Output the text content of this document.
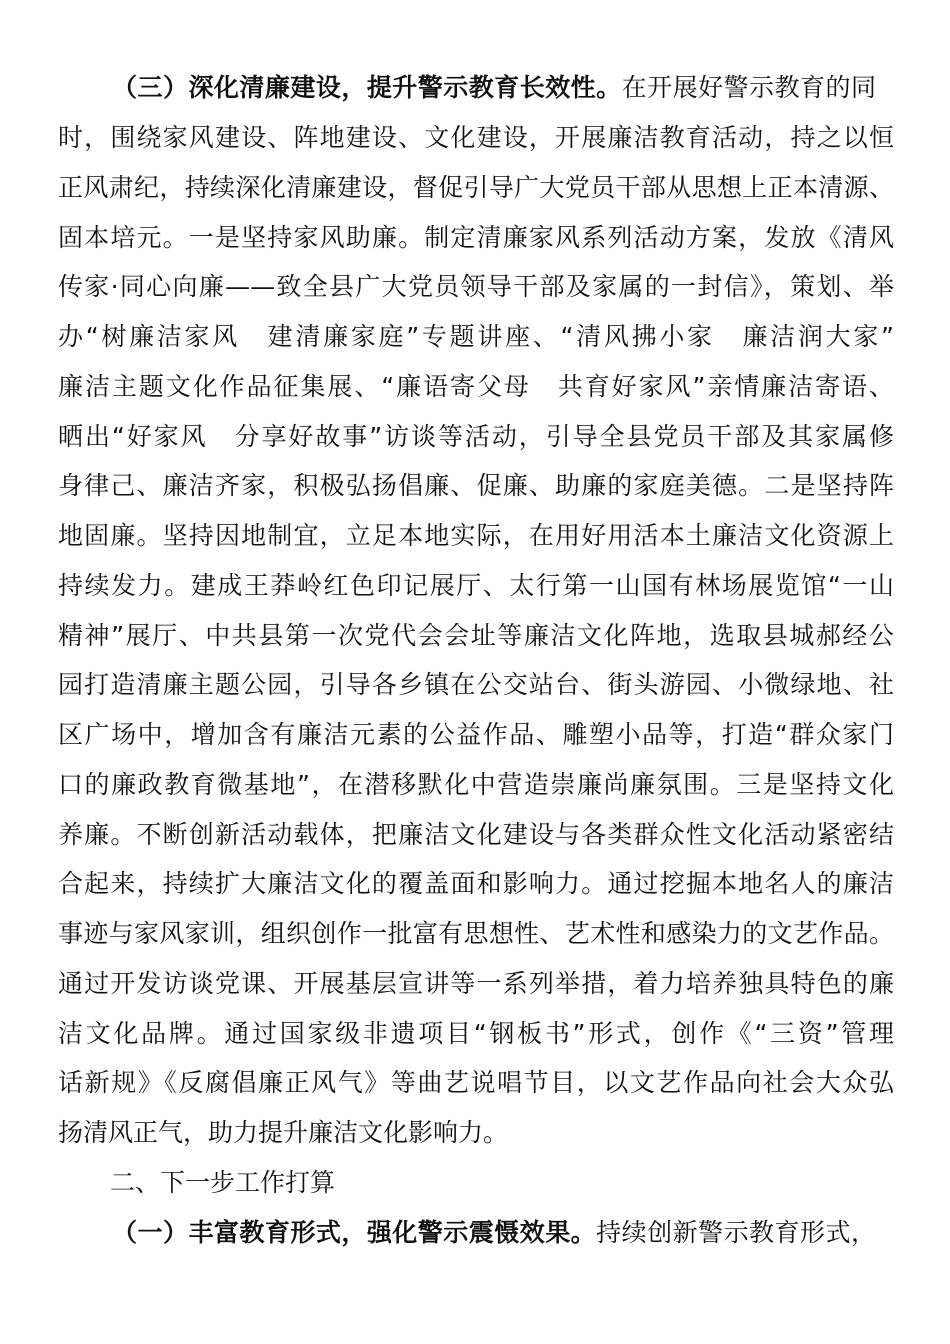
（三）深化清廉建设，提升警示教育长效性。在开展好警示教育的同
时，围绕家风建设、阵地建设、文化建设，开展廉洁教育活动，持之以恒
正风肃纪，持续深化清廉建设，督促引导广大党员干部从思想上正本清源、
固本培元。一是坚持家风助廉。制定清廉家风系列活动方案，发放《清风
传家·同心向廉——致全县广大党员领导干部及家属的一封信》，策划、举
办“树廉洁家风　建清廉家庭”专题讲座、“清风拂小家　廉洁润大家”
廉洁主题文化作品征集展、“廉语寄父母　共育好家风”亲情廉洁寄语、
晒出“好家风　分享好故事”访谈等活动，引导全县党员干部及其家属修
身律己、廉洁齐家，积极弘扬倡廉、促廉、助廉的家庭美德。二是坚持阵
地固廉。坚持因地制宜，立足本地实际，在用好用活本土廉洁文化资源上
持续发力。建成王莽岭红色印记展厅、太行第一山国有林场展览馆“一山
精神”展厅、中共县第一次党代会会址等廉洁文化阵地，选取县城郝经公
园打造清廉主题公园，引导各乡镇在公交站台、街头游园、小微绿地、社
区广场中，增加含有廉洁元素的公益作品、雕塑小品等，打造“群众家门
口的廉政教育微基地”，在潜移默化中营造崇廉尚廉氛围。三是坚持文化
养廉。不断创新活动载体，把廉洁文化建设与各类群众性文化活动紧密结
合起来，持续扩大廉洁文化的覆盖面和影响力。通过挖掘本地名人的廉洁
事迹与家风家训，组织创作一批富有思想性、艺术性和感染力的文艺作品。
通过开发访谈党课、开展基层宣讲等一系列举措，着力培养独具特色的廉
洁文化品牌。通过国家级非遗项目“钢板书”形式，创作《“三资”管理
话新规》《反腐倡廉正风气》等曲艺说唱节目，以文艺作品向社会大众弘
扬清风正气，助力提升廉洁文化影响力。
二、下一步工作打算
（一）丰富教育形式，强化警示震慑效果。持续创新警示教育形式，
